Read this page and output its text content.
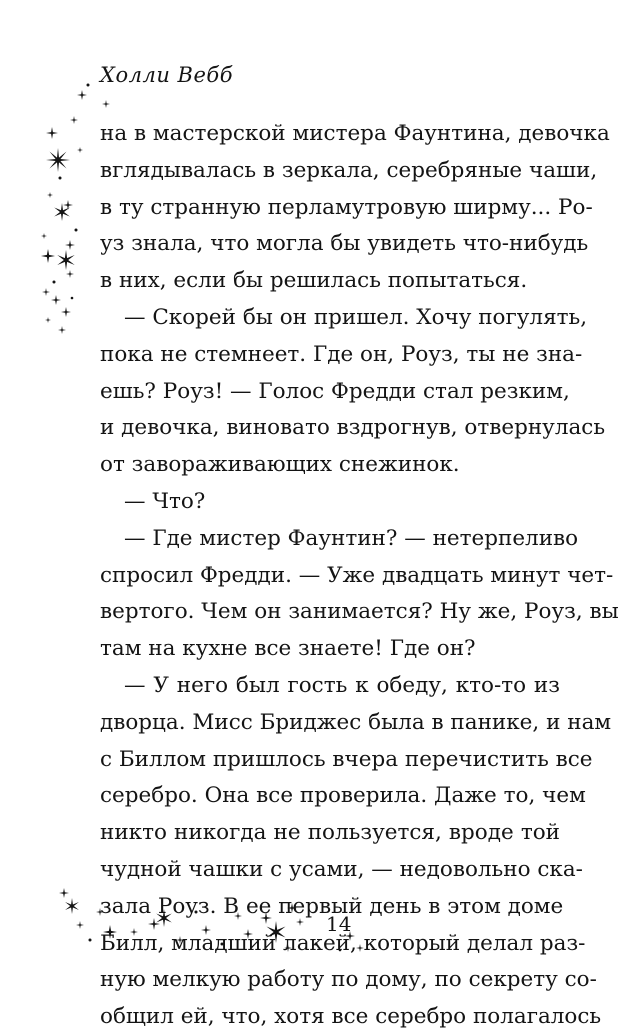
Холли Вебб
на в мастерской мистера Фаунтина, девочка
вглядывалась в зеркала, серебряные чаши,
в ту странную перламутровую ширму... Ро-
уз знала, что могла бы увидеть что-нибудь
в них, если бы решилась попытаться.
— Скорей бы он пришел. Хочу погулять,
пока не стемнеет. Где он, Роуз, ты не зна-
ешь? Роуз! — Голос Фредди стал резким,
и девочка, виновато вздрогнув, отвернулась
от завораживающих снежинок.
— Что?
— Где мистер Фаунтин? — нетерпеливо
спросил Фредди. — Уже двадцать минут чет-
вертого. Чем он занимается? Ну же, Роуз, вы
там на кухне все знаете! Где он?
— У него был гость к обеду, кто-то из
дворца. Мисс Бриджес была в панике, и нам
с Биллом пришлось вчера перечистить все
серебро. Она все проверила. Даже то, чем
никто никогда не пользуется, вроде той
чудной чашки с усами, — недовольно ска-
зала Роуз. В ее первый день в этом доме
Билл, младший лакей, который делал раз-
ную мелкую работу по дому, по секрету со-
общил ей, что, хотя все серебро полагалось
14
